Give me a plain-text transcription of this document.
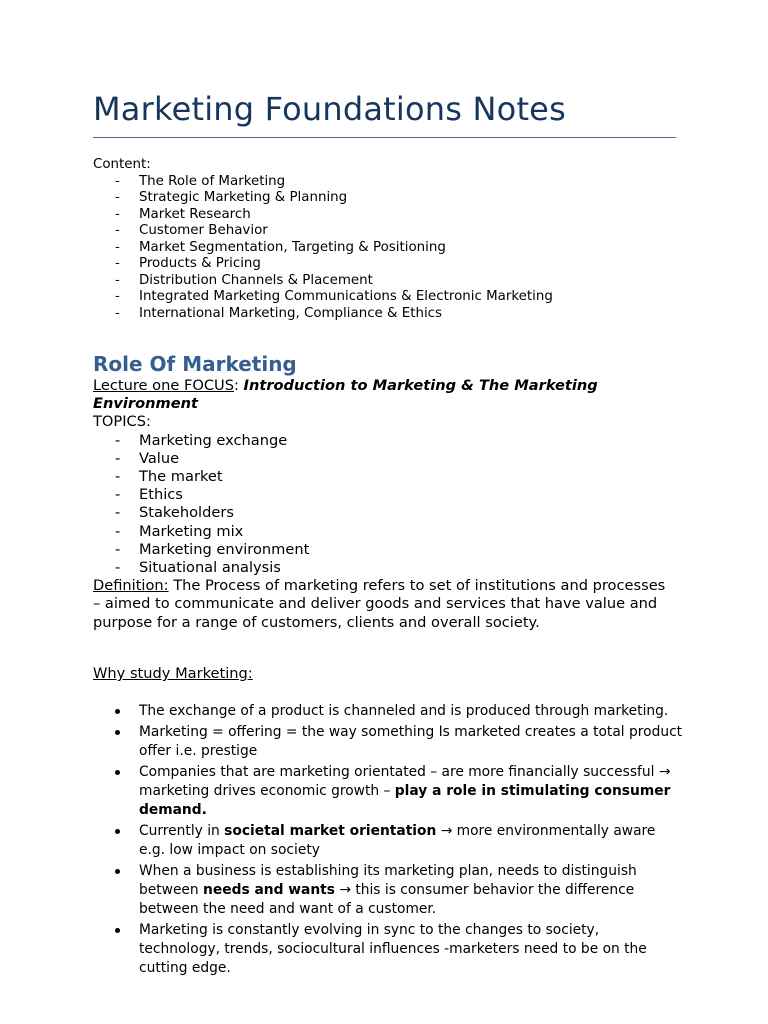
Marketing Foundations Notes
Content:
- The Role of Marketing
- Strategic Marketing & Planning
- Market Research
- Customer Behavior
- Market Segmentation, Targeting & Positioning
- Products & Pricing
- Distribution Channels & Placement
- Integrated Marketing Communications & Electronic Marketing
- International Marketing, Compliance & Ethics
Role Of Marketing
Lecture one FOCUS: Introduction to Marketing & The Marketing Environment
TOPICS:
- Marketing exchange
- Value
- The market
- Ethics
- Stakeholders
- Marketing mix
- Marketing environment
- Situational analysis
Definition: The Process of marketing refers to set of institutions and processes – aimed to communicate and deliver goods and services that have value and purpose for a range of customers, clients and overall society.
Why study Marketing:
The exchange of a product is channeled and is produced through marketing.
Marketing = offering = the way something Is marketed creates a total product offer i.e. prestige
Companies that are marketing orientated – are more financially successful → marketing drives economic growth – play a role in stimulating consumer demand.
Currently in societal market orientation → more environmentally aware e.g. low impact on society
When a business is establishing its marketing plan, needs to distinguish between needs and wants → this is consumer behavior the difference between the need and want of a customer.
Marketing is constantly evolving in sync to the changes to society, technology, trends, sociocultural influences -marketers need to be on the cutting edge.
